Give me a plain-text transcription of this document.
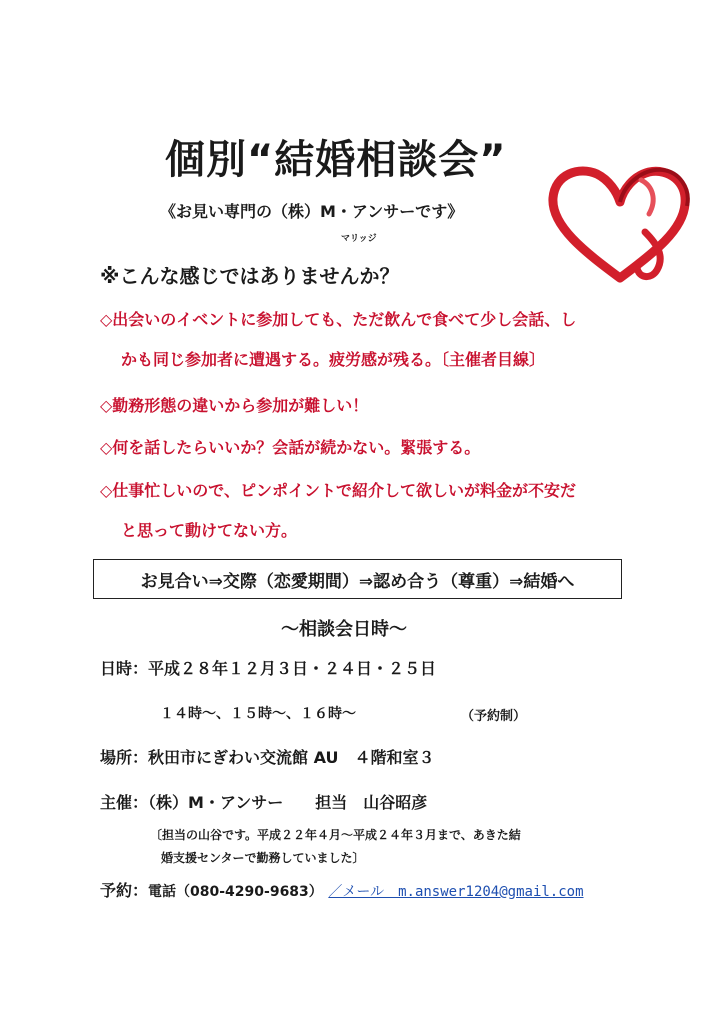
個別“結婚相談会”
《お見い専門の（株）M・アンサーです》
マリッジ
※こんな感じではありませんか？
◇出会いのイベントに参加しても、ただ飲んで食べて少し会話、し
かも同じ参加者に遭遇する。疲労感が残る。〔主催者目線〕
◇勤務形態の違いから参加が難しい！
◇何を話したらいいか？会話が続かない。緊張する。
◇仕事忙しいので、ピンポイントで紹介して欲しいが料金が不安だ
と思って動けてない方。
お見合い⇒交際（恋愛期間）⇒認め合う（尊重）⇒結婚へ
～相談会日時～
日時：平成２８年１２月３日・２４日・２５日
１４時～、１５時～、１６時～	（予約制）
場所：秋田市にぎわい交流館 AU　４階和室３
主催：（株）M・アンサー　　担当　山谷昭彦
〔担当の山谷です。平成２２年４月～平成２４年３月まで、あきた結
婚支援センターで勤務していました〕
予約：電話（080-4290-9683） ／メール　m.answer1204@gmail.com
